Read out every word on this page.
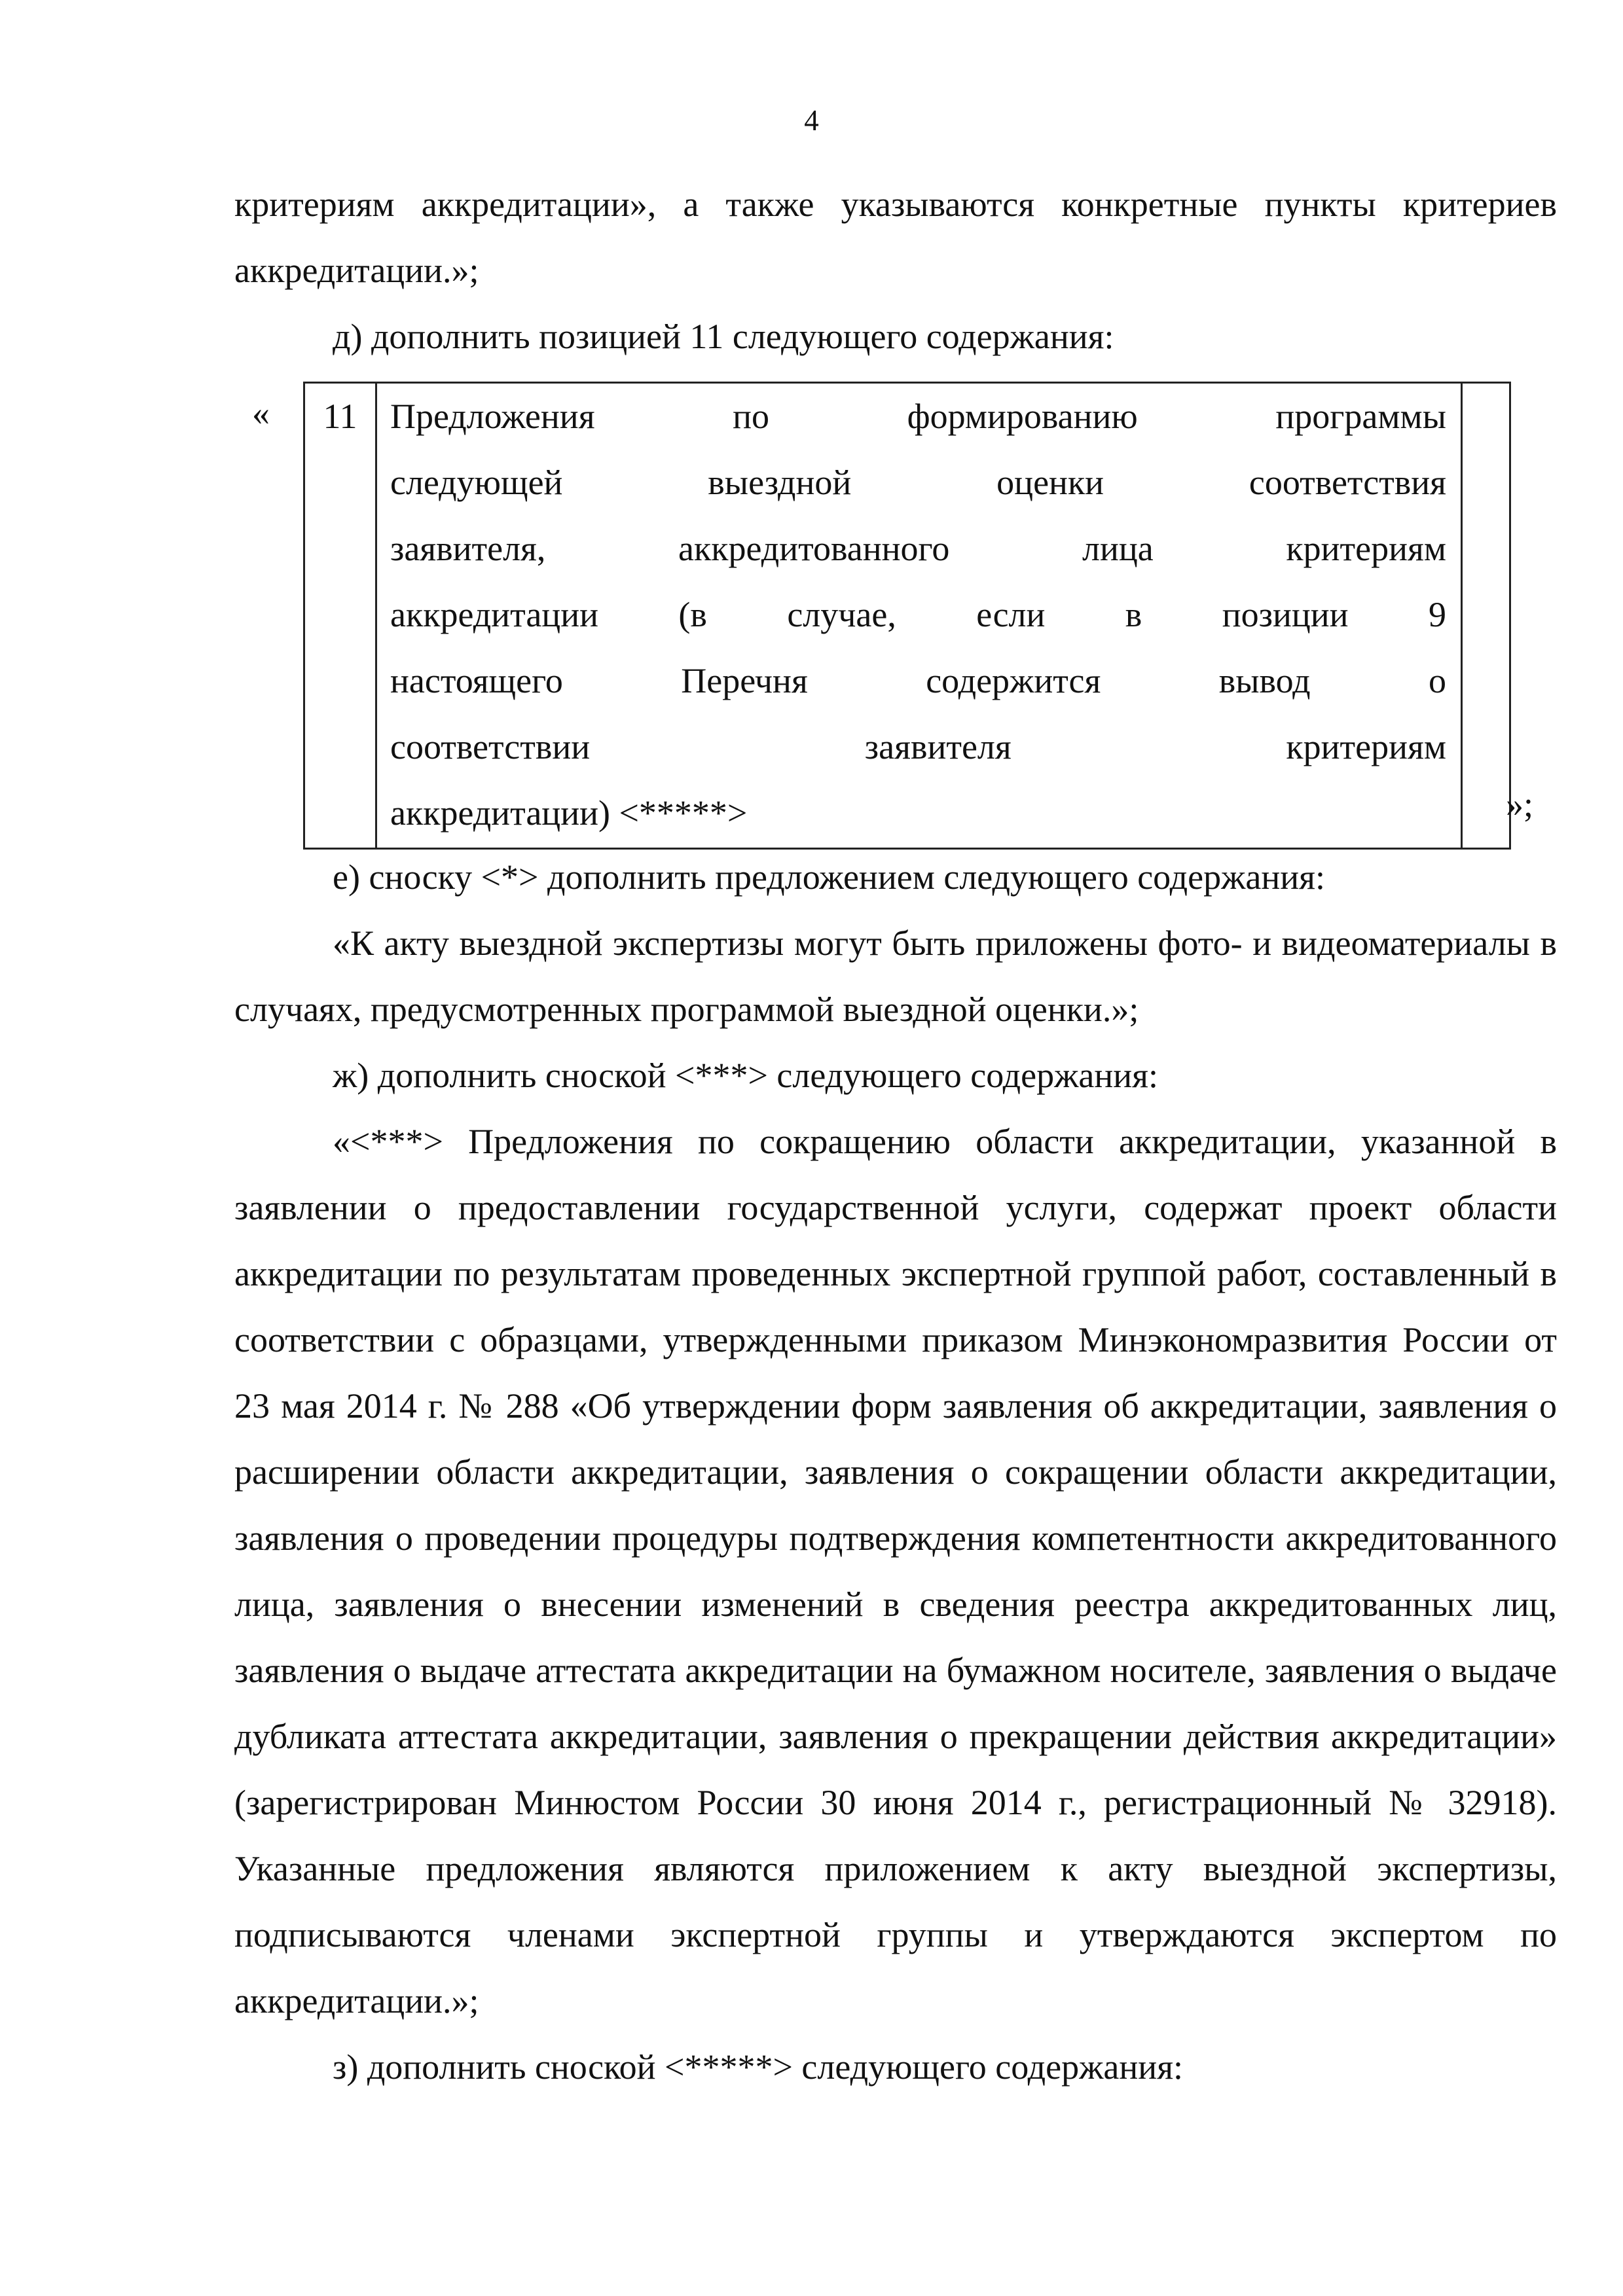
4

критериям аккредитации», а также указываются конкретные пункты критериев аккредитации.»;

д) дополнить позицией 11 следующего содержания:

«	11 Предложения по формированию программы
следующей выездной оценки соответствия
заявителя, аккредитованного лица критериям
аккредитации (в случае, если в позиции 9
настоящего Перечня содержится вывод о
соответствии заявителя критериям
аккредитации) <*****>	»;

е) сноску <*> дополнить предложением следующего содержания:

«К акту выездной экспертизы могут быть приложены фото- и видеоматериалы в случаях, предусмотренных программой выездной оценки.»;

ж) дополнить сноской <***> следующего содержания:

«<***> Предложения по сокращению области аккредитации, указанной в заявлении о предоставлении государственной услуги, содержат проект области аккредитации по результатам проведенных экспертной группой работ, составленный в соответствии с образцами, утвержденными приказом Минэкономразвития России от 23 мая 2014 г. № 288 «Об утверждении форм заявления об аккредитации, заявления о расширении области аккредитации, заявления о сокращении области аккредитации, заявления о проведении процедуры подтверждения компетентности аккредитованного лица, заявления о внесении изменений в сведения реестра аккредитованных лиц, заявления о выдаче аттестата аккредитации на бумажном носителе, заявления о выдаче дубликата аттестата аккредитации, заявления о прекращении действия аккредитации» (зарегистрирован Минюстом России 30 июня 2014 г., регистрационный № 32918). Указанные предложения являются приложением к акту выездной экспертизы, подписываются членами экспертной группы и утверждаются экспертом по аккредитации.»;

з) дополнить сноской <*****> следующего содержания:
